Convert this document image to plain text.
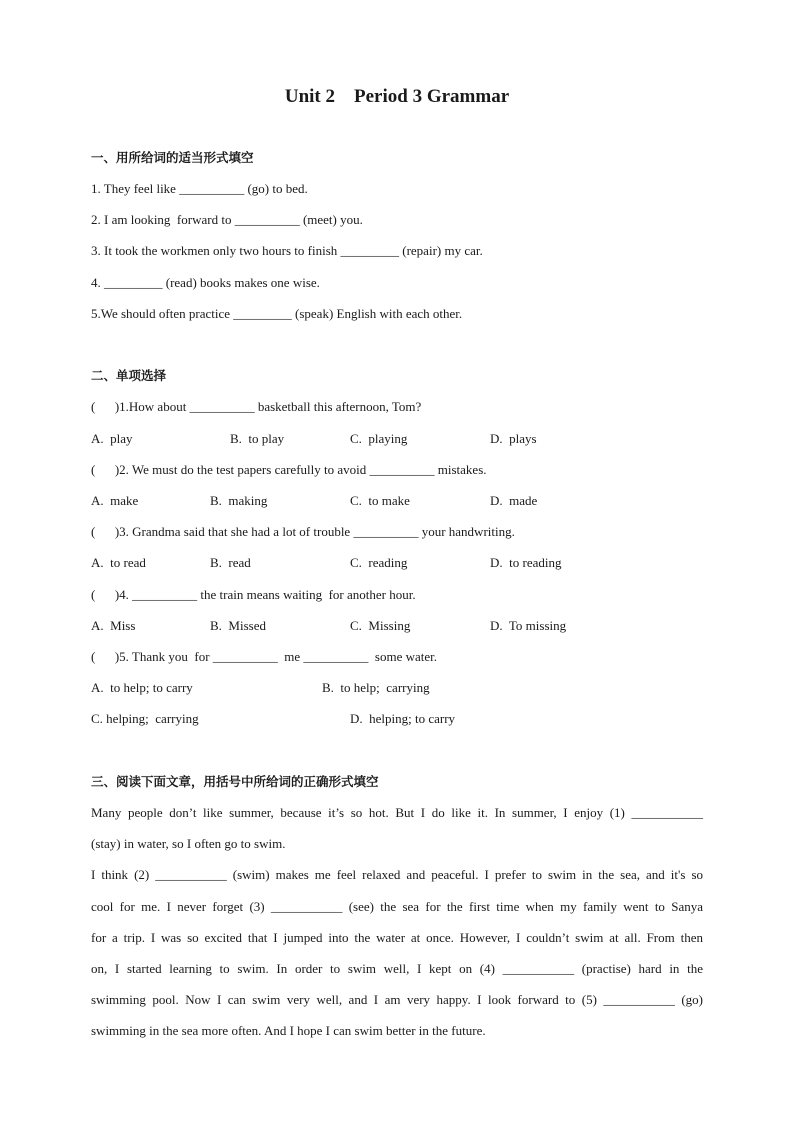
Unit 2    Period 3 Grammar
一、用所给词的适当形式填空
1. They feel like __________ (go) to bed.
2. I am looking  forward to __________ (meet) you.
3. It took the workmen only two hours to finish _________ (repair) my car.
4. _________ (read) books makes one wise.
5.We should often practice _________ (speak) English with each other.
二、单项选择
(      )1.How about __________ basketball this afternoon, Tom?
A.  play	B.  to play	C.  playing	D.  plays
(      )2. We must do the test papers carefully to avoid __________ mistakes.
A.  make	B.  making	C.  to make	D.  made
(      )3. Grandma said that she had a lot of trouble __________ your handwriting.
A.  to read	B.  read	C.  reading	D.  to reading
(      )4. __________ the train means waiting  for another hour.
A.  Miss	B.  Missed	C.  Missing	D.  To missing
(      )5. Thank you  for __________  me __________  some water.
A.  to help; to carry	B.  to help;  carrying
C. helping;  carrying	D.  helping; to carry
三、阅读下面文章，用括号中所给词的正确形式填空
Many people don’t like summer, because it’s so hot. But I do like it. In summer, I enjoy (1) ___________
(stay) in water, so I often go to swim.
I think (2) ___________ (swim) makes me feel relaxed and peaceful. I prefer to swim in the sea, and it's so
cool for me. I never forget (3) ___________ (see) the sea for the first time when my family went to Sanya
for a trip. I was so excited that I jumped into the water at once. However, I couldn’t swim at all. From then
on, I started learning to swim. In order to swim well, I kept on (4) ___________ (practise) hard in the
swimming pool. Now I can swim very well, and I am very happy. I look forward to (5) ___________ (go)
swimming in the sea more often. And I hope I can swim better in the future.
